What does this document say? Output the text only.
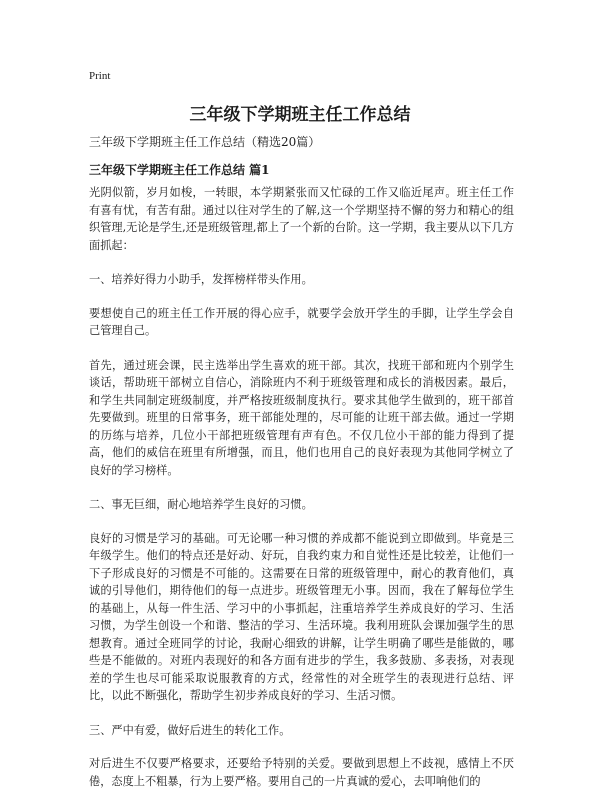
Print
三年级下学期班主任工作总结
三年级下学期班主任工作总结（精选20篇）
三年级下学期班主任工作总结 篇1

光阴似箭，岁月如梭，一转眼，本学期紧张而又忙碌的工作又临近尾声。班主任工作有喜有忧，有苦有甜。通过以往对学生的了解,这一个学期坚持不懈的努力和精心的组织管理,无论是学生,还是班级管理,都上了一个新的台阶。这一学期，我主要从以下几方面抓起：

一、培养好得力小助手，发挥榜样带头作用。

要想使自己的班主任工作开展的得心应手，就要学会放开学生的手脚，让学生学会自己管理自己。

首先，通过班会课，民主选举出学生喜欢的班干部。其次，找班干部和班内个别学生谈话，帮助班干部树立自信心，消除班内不利于班级管理和成长的消极因素。最后，和学生共同制定班级制度，并严格按班级制度执行。要求其他学生做到的，班干部首先要做到。班里的日常事务，班干部能处理的，尽可能的让班干部去做。通过一学期的历练与培养，几位小干部把班级管理有声有色。不仅几位小干部的能力得到了提高，他们的威信在班里有所增强，而且，他们也用自己的良好表现为其他同学树立了良好的学习榜样。

二、事无巨细，耐心地培养学生良好的习惯。

良好的习惯是学习的基础。可无论哪一种习惯的养成都不能说到立即做到。毕竟是三年级学生。他们的特点还是好动、好玩，自我约束力和自觉性还是比较差，让他们一下子形成良好的习惯是不可能的。这需要在日常的班级管理中，耐心的教育他们，真诚的引导他们，期待他们的每一点进步。班级管理无小事。因而，我在了解每位学生的基础上，从每一件生活、学习中的小事抓起，注重培养学生养成良好的学习、生活习惯，为学生创设一个和谐、整洁的学习、生活环境。我利用班队会课加强学生的思想教育。通过全班同学的讨论，我耐心细致的讲解，让学生明确了哪些是能做的，哪些是不能做的。对班内表现好的和各方面有进步的学生，我多鼓励、多表扬，对表现差的学生也尽可能采取说服教育的方式，经常性的对全班学生的表现进行总结、评比，以此不断强化，帮助学生初步养成良好的学习、生活习惯。

三、严中有爱，做好后进生的转化工作。

对后进生不仅要严格要求，还要给予特别的关爱。要做到思想上不歧视，感情上不厌倦，态度上不粗暴，行为上要严格。要用自己的一片真诚的爱心，去叩响他们的
